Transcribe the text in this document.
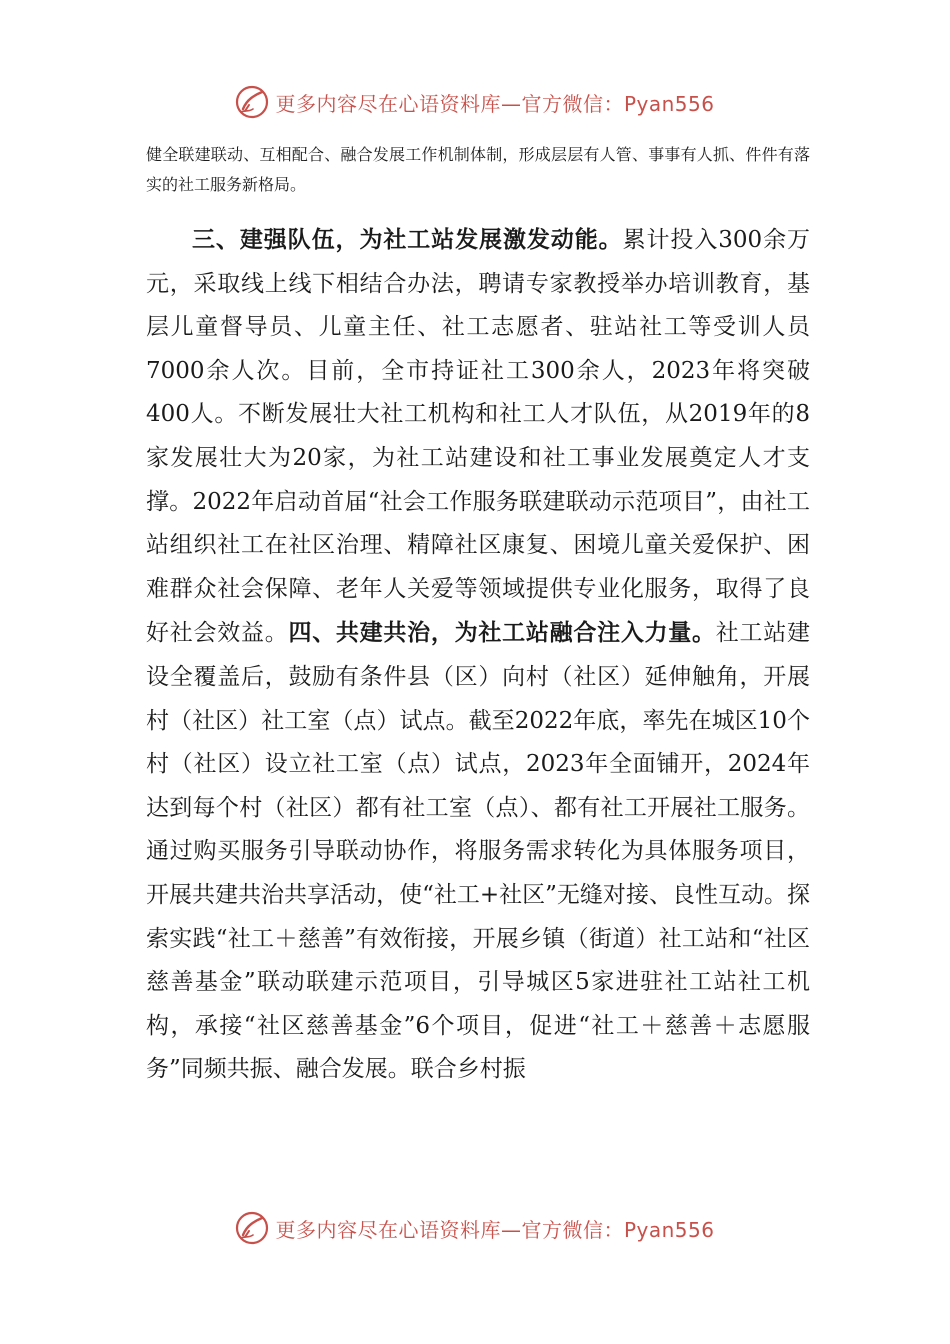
更多内容尽在心语资料库—官方微信：Pyan556

健全联建联动、互相配合、融合发展工作机制体制，形成层层有人管、事事有人抓、件件有落实的社工服务新格局。

三、建强队伍，为社工站发展激发动能。累计投入300余万元，采取线上线下相结合办法，聘请专家教授举办培训教育，基层儿童督导员、儿童主任、社工志愿者、驻站社工等受训人员7000余人次。目前，全市持证社工300余人，2023年将突破400人。不断发展壮大社工机构和社工人才队伍，从2019年的8家发展壮大为20家，为社工站建设和社工事业发展奠定人才支撑。2022年启动首届“社会工作服务联建联动示范项目”，由社工站组织社工在社区治理、精障社区康复、困境儿童关爱保护、困难群众社会保障、老年人关爱等领域提供专业化服务，取得了良好社会效益。四、共建共治，为社工站融合注入力量。社工站建设全覆盖后，鼓励有条件县（区）向村（社区）延伸触角，开展村（社区）社工室（点）试点。截至2022年底，率先在城区10个村（社区）设立社工室（点）试点，2023年全面铺开，2024年达到每个村（社区）都有社工室（点）、都有社工开展社工服务。通过购买服务引导联动协作，将服务需求转化为具体服务项目，开展共建共治共享活动，使“社工+社区”无缝对接、良性互动。探索实践“社工＋慈善”有效衔接，开展乡镇（街道）社工站和“社区慈善基金”联动联建示范项目，引导城区5家进驻社工站社工机构，承接“社区慈善基金”6个项目，促进“社工＋慈善＋志愿服务”同频共振、融合发展。联合乡村振

更多内容尽在心语资料库—官方微信：Pyan556
